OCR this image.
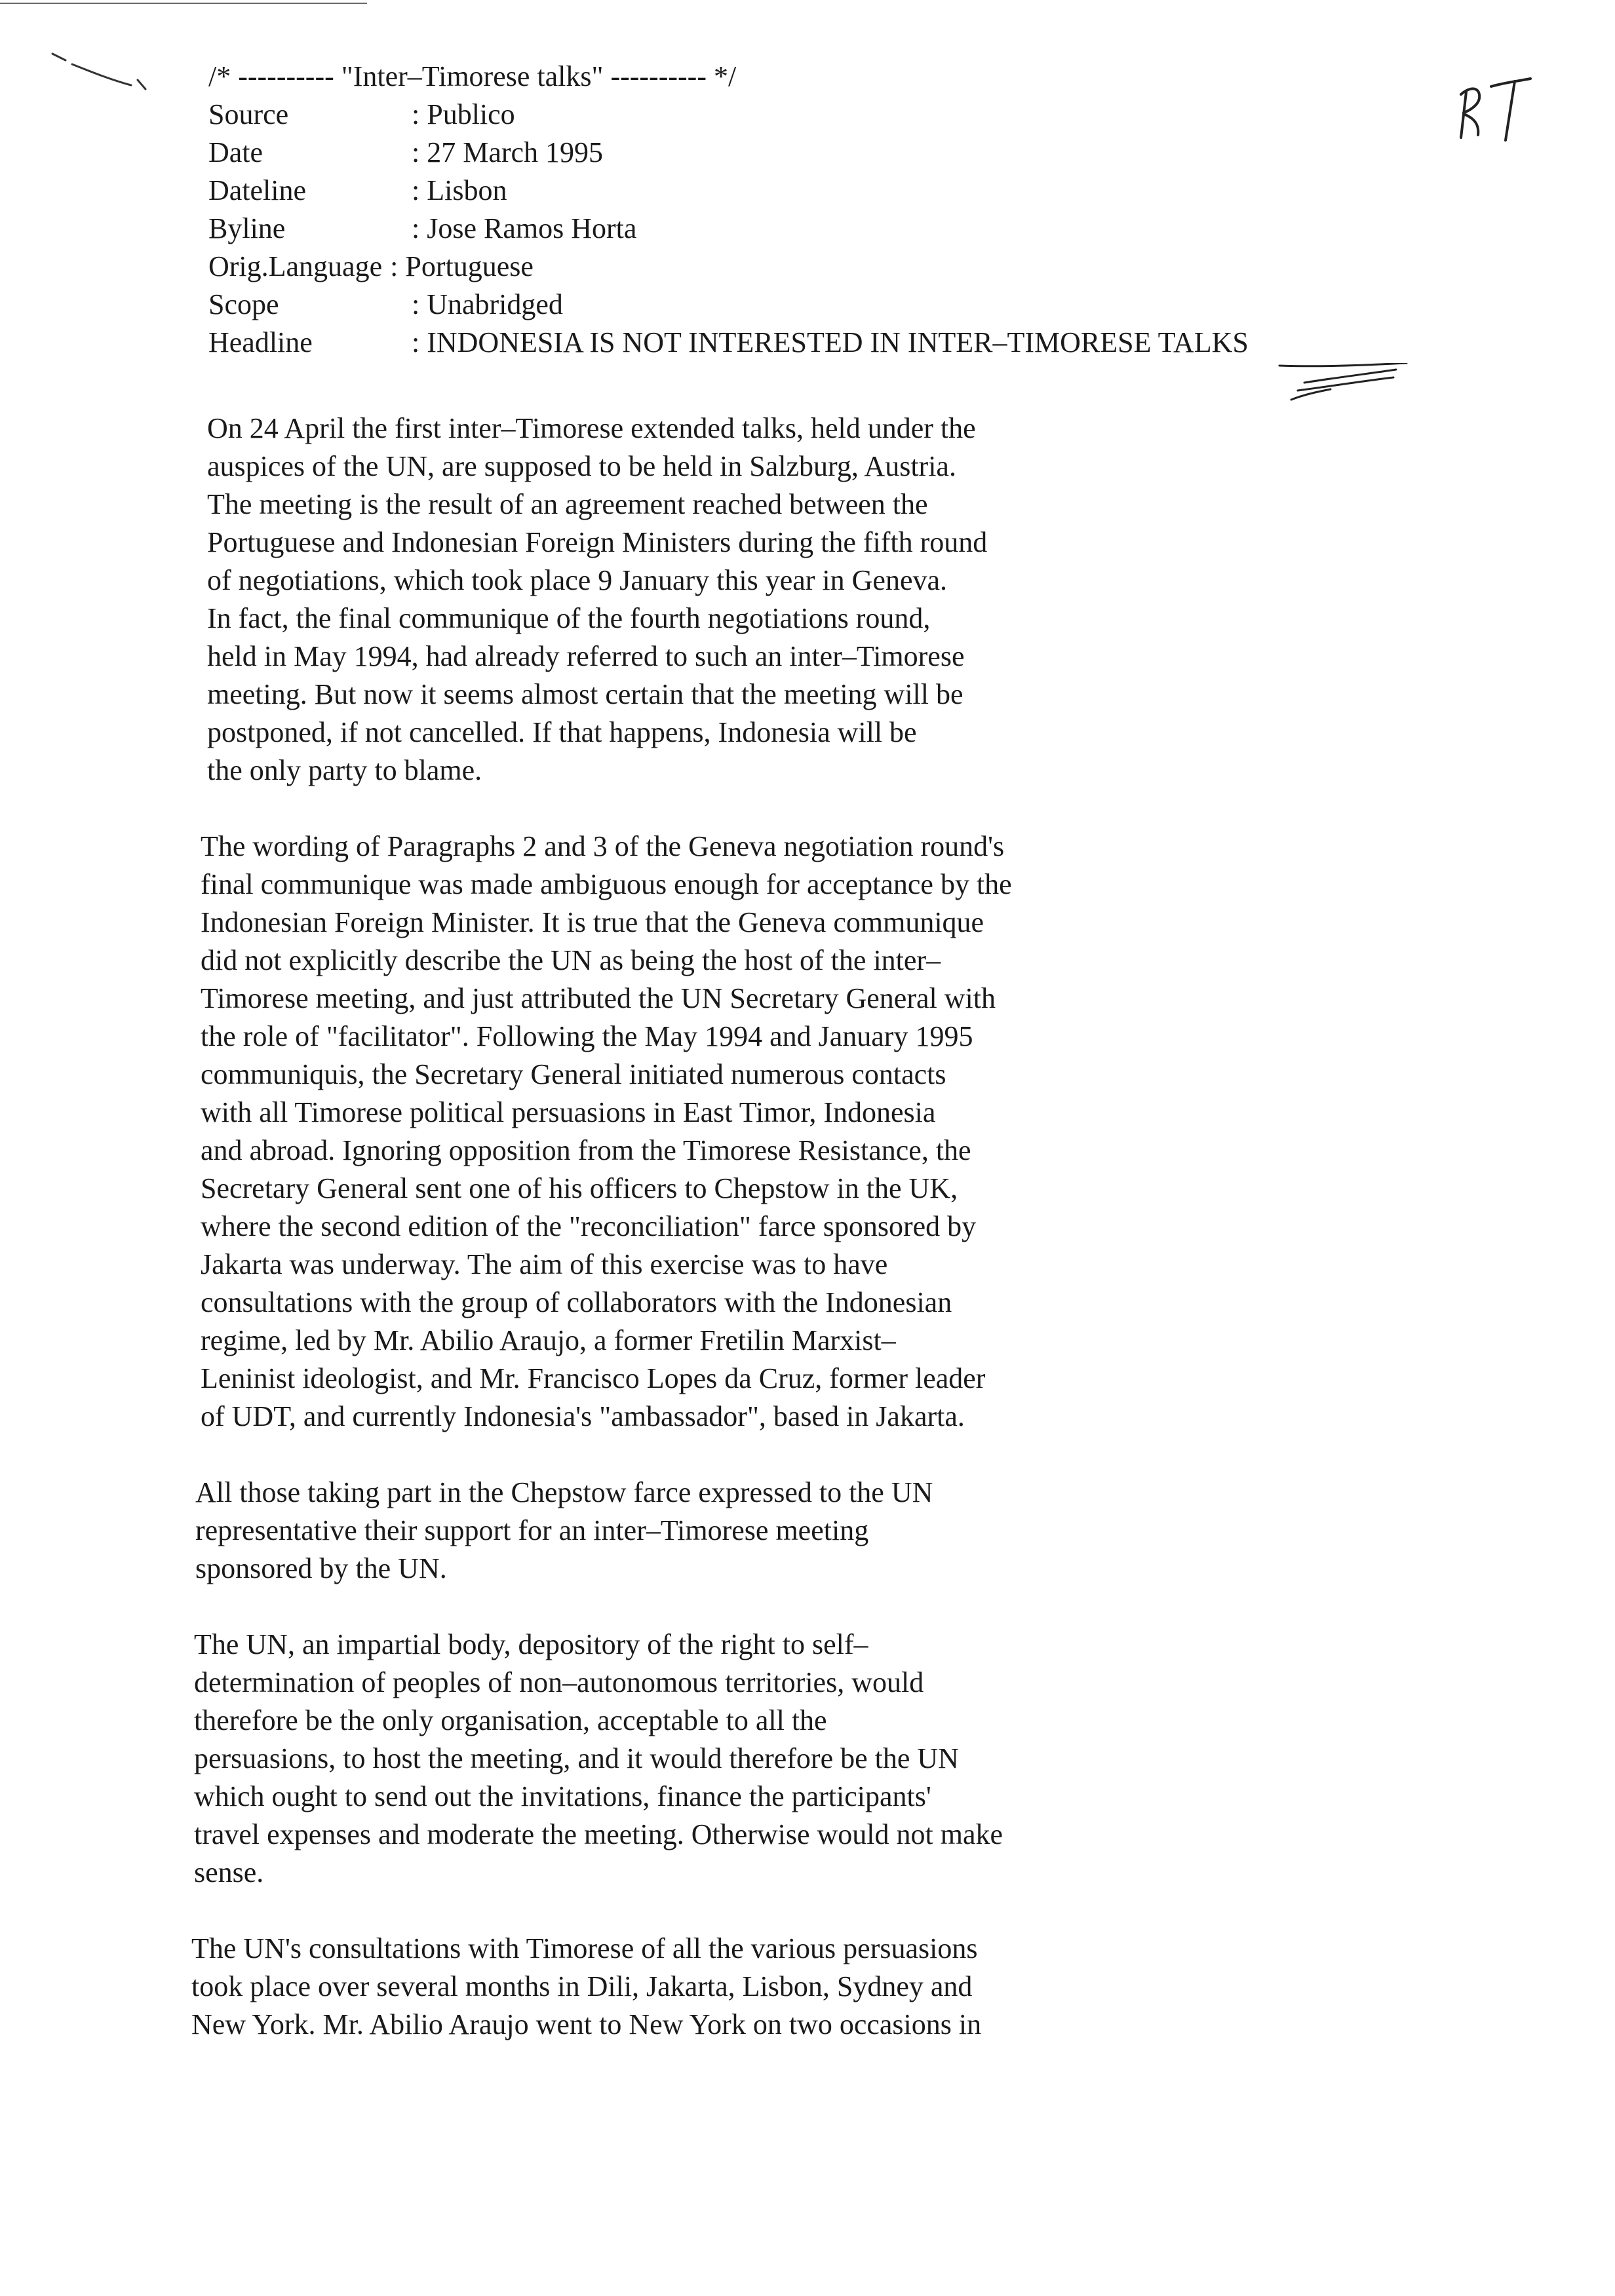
/* ---------- "Inter–Timorese talks" ---------- */
Source	: Publico
Date	: 27 March 1995
Dateline	: Lisbon
Byline	: Jose Ramos Horta
Orig.Language : Portuguese
Scope	: Unabridged
Headline	: INDONESIA IS NOT INTERESTED IN INTER–TIMORESE TALKS
On 24 April the first inter–Timorese extended talks, held under the
auspices of the UN, are supposed to be held in Salzburg, Austria.
The meeting is the result of an agreement reached between the
Portuguese and Indonesian Foreign Ministers during the fifth round
of negotiations, which took place 9 January this year in Geneva.
In fact, the final communique of the fourth negotiations round,
held in May 1994, had already referred to such an inter–Timorese
meeting. But now it seems almost certain that the meeting will be
postponed, if not cancelled. If that happens, Indonesia will be
the only party to blame.
The wording of Paragraphs 2 and 3 of the Geneva negotiation round's
final communique was made ambiguous enough for acceptance by the
Indonesian Foreign Minister. It is true that the Geneva communique
did not explicitly describe the UN as being the host of the inter–
Timorese meeting, and just attributed the UN Secretary General with
the role of "facilitator". Following the May 1994 and January 1995
communiquis, the Secretary General initiated numerous contacts
with all Timorese political persuasions in East Timor, Indonesia
and abroad. Ignoring opposition from the Timorese Resistance, the
Secretary General sent one of his officers to Chepstow in the UK,
where the second edition of the "reconciliation" farce sponsored by
Jakarta was underway. The aim of this exercise was to have
consultations with the group of collaborators with the Indonesian
regime, led by Mr. Abilio Araujo, a former Fretilin Marxist–
Leninist ideologist, and Mr. Francisco Lopes da Cruz, former leader
of UDT, and currently Indonesia's "ambassador", based in Jakarta.
All those taking part in the Chepstow farce expressed to the UN
representative their support for an inter–Timorese meeting
sponsored by the UN.
The UN, an impartial body, depository of the right to self–
determination of peoples of non–autonomous territories, would
therefore be the only organisation, acceptable to all the
persuasions, to host the meeting, and it would therefore be the UN
which ought to send out the invitations, finance the participants'
travel expenses and moderate the meeting. Otherwise would not make
sense.
The UN's consultations with Timorese of all the various persuasions
took place over several months in Dili, Jakarta, Lisbon, Sydney and
New York. Mr. Abilio Araujo went to New York on two occasions in
